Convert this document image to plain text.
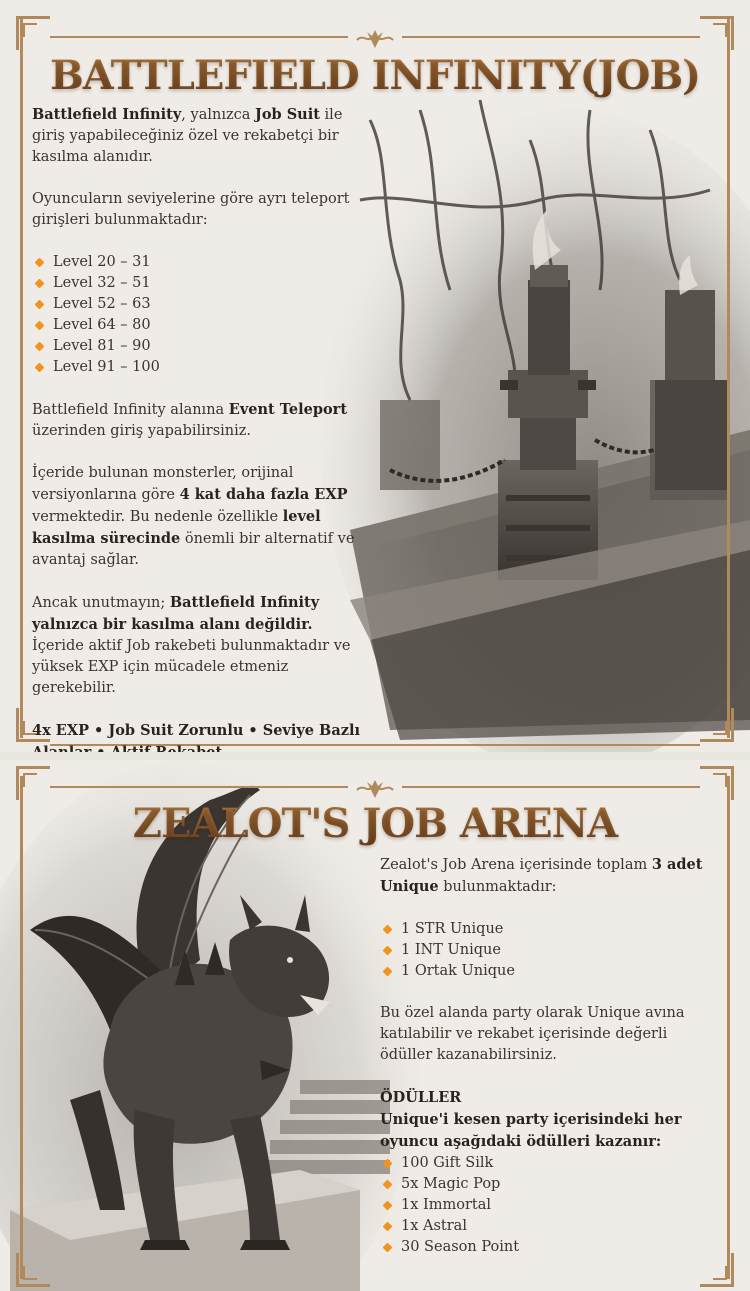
BATTLEFIELD INFINITY(JOB)

Battlefield Infinity, yalnızca Job Suit ile giriş yapabileceğiniz özel ve rekabetçi bir kasılma alanıdır.

Oyuncuların seviyelerine göre ayrı teleport girişleri bulunmaktadır:

Level 20 – 31
Level 32 – 51
Level 52 – 63
Level 64 – 80
Level 81 – 90
Level 91 – 100

Battlefield Infinity alanına Event Teleport üzerinden giriş yapabilirsiniz.

İçeride bulunan monsterler, orijinal versiyonlarına göre 4 kat daha fazla EXP vermektedir. Bu nedenle özellikle level kasılma sürecinde önemli bir alternatif ve avantaj sağlar.

Ancak unutmayın; Battlefield Infinity yalnızca bir kasılma alanı değildir. İçeride aktif Job rakebeti bulunmaktadır ve yüksek EXP için mücadele etmeniz gerekebilir.

4x EXP • Job Suit Zorunlu • Seviye Bazlı

ZEALOT'S JOB ARENA

Zealot's Job Arena içerisinde toplam 3 adet Unique bulunmaktadır:

1 STR Unique
1 INT Unique
1 Ortak Unique

Bu özel alanda party olarak Unique avına katılabilir ve rekabet içerisinde değerli ödüller kazanabilirsiniz.

ÖDÜLLER
Unique'i kesen party içerisindeki her oyuncu aşağıdaki ödülleri kazanır:
100 Gift Silk
5x Magic Pop
1x Immortal
1x Astral
30 Season Point
